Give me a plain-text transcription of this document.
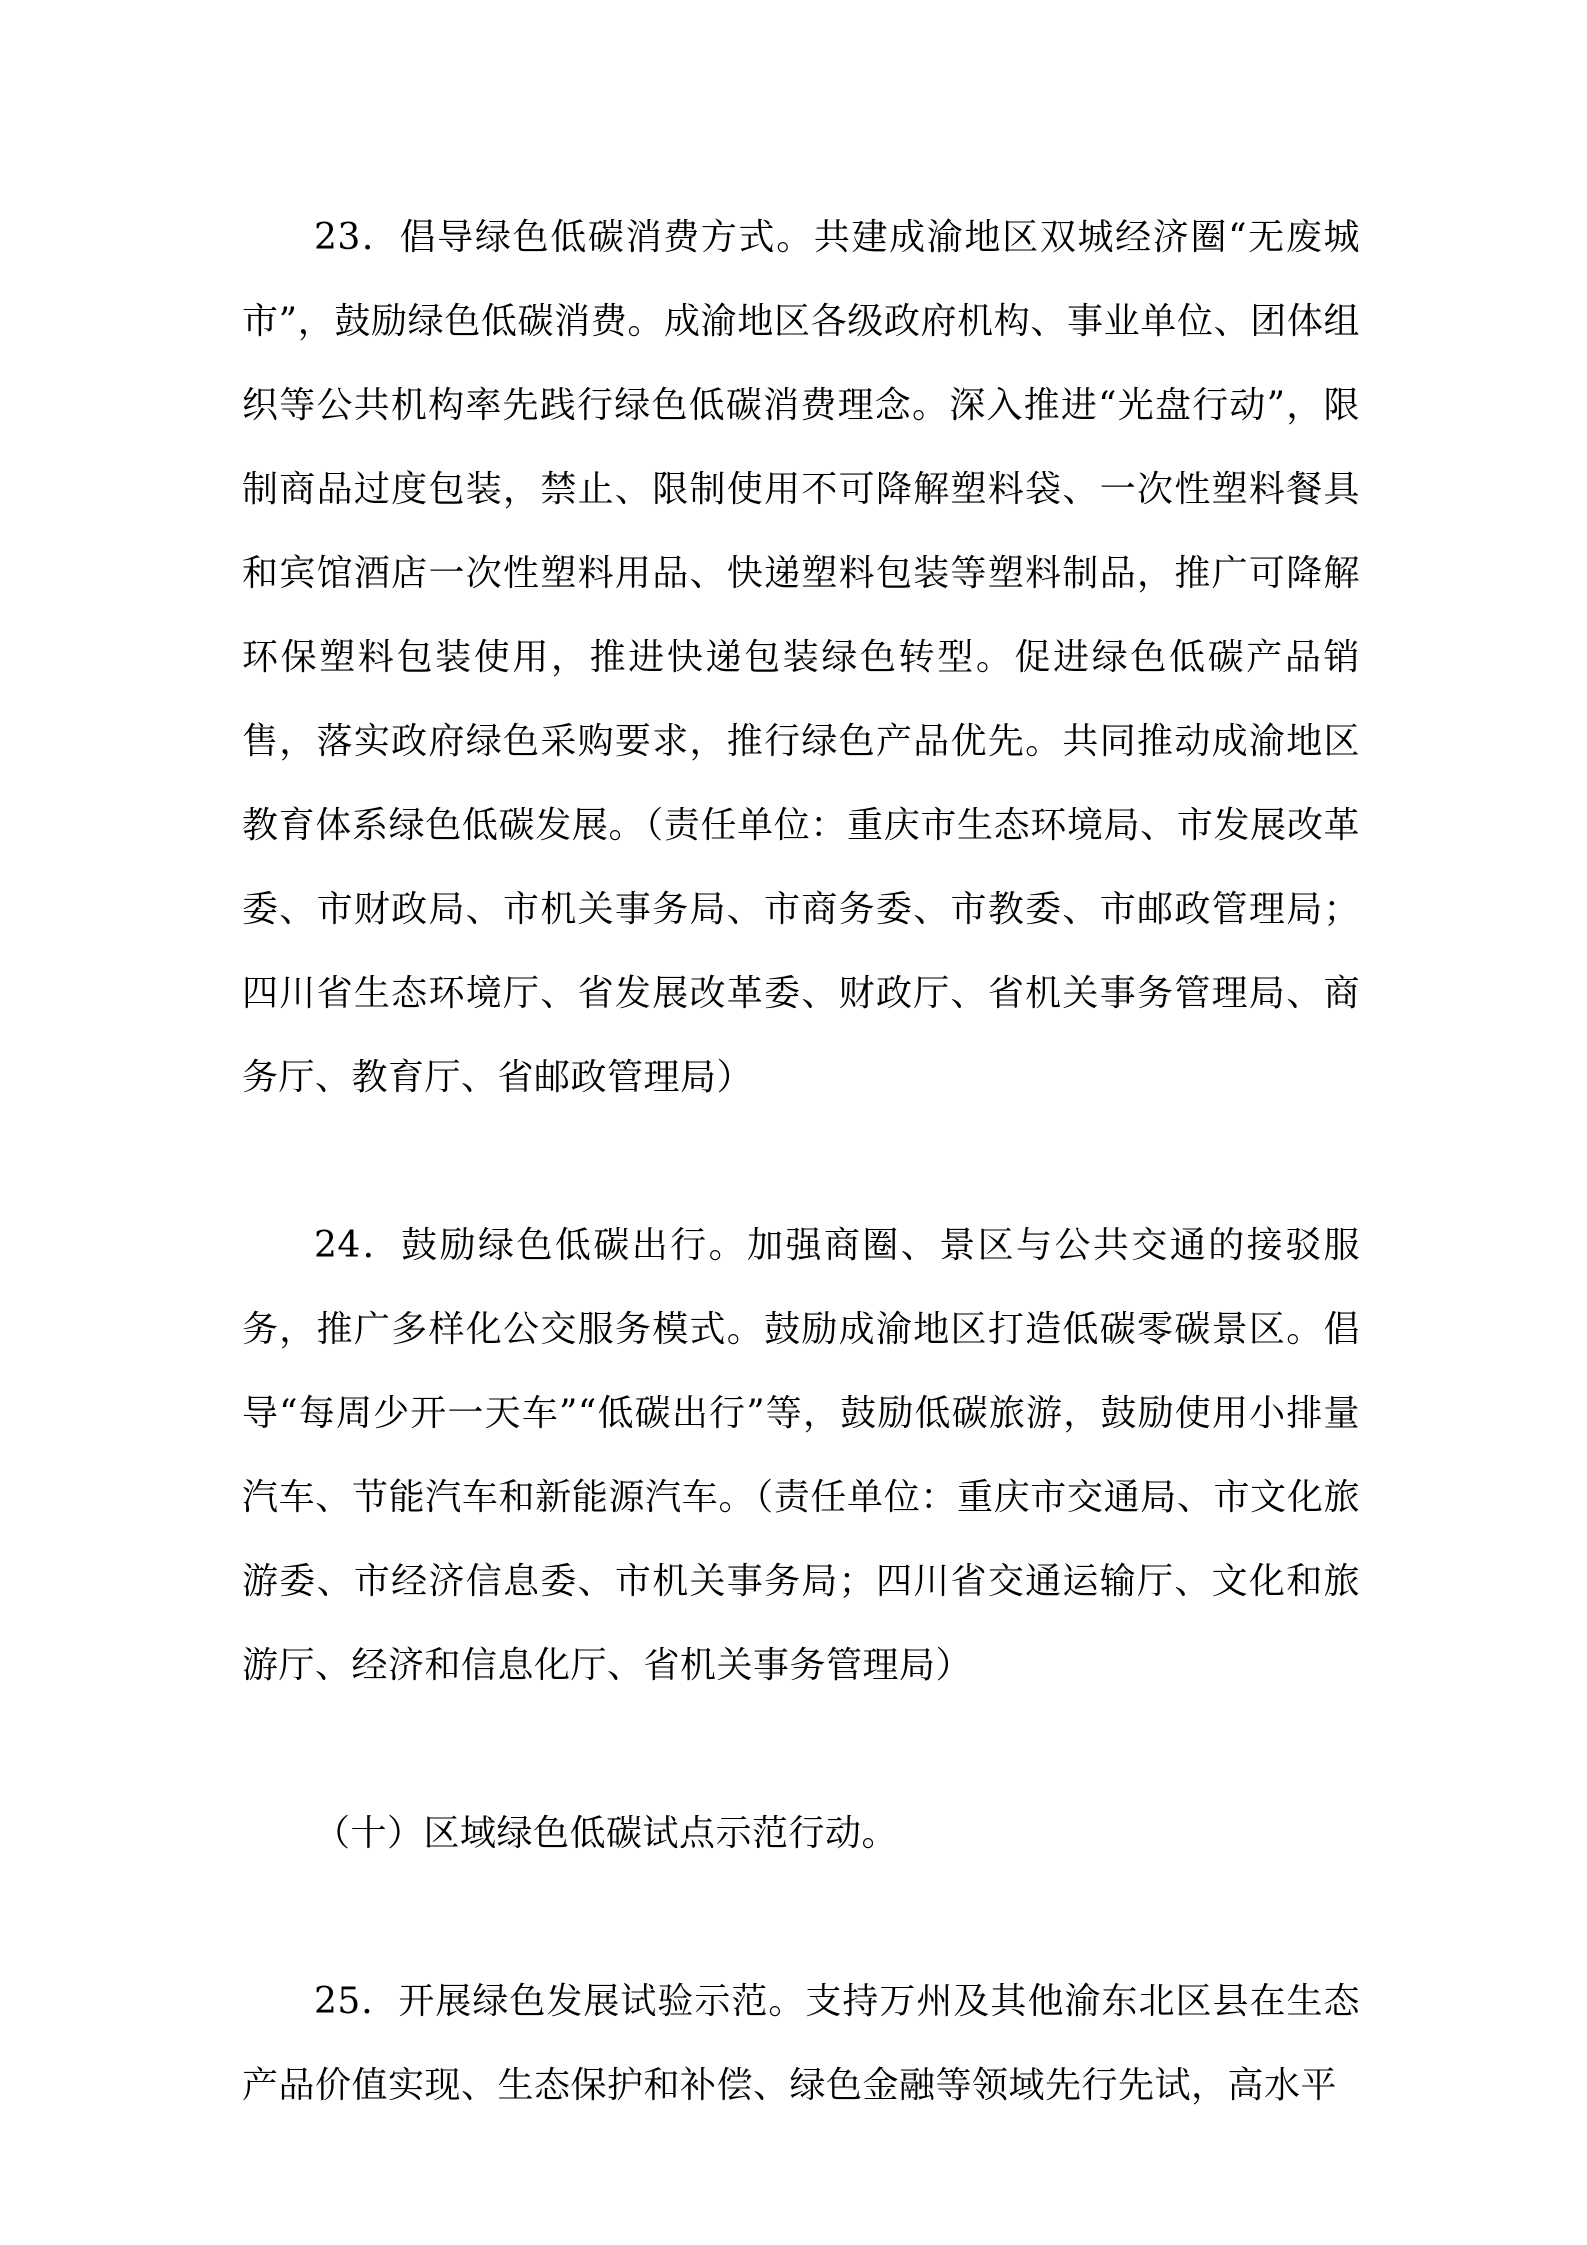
23．倡导绿色低碳消费方式。共建成渝地区双城经济圈“无废城市”，鼓励绿色低碳消费。成渝地区各级政府机构、事业单位、团体组织等公共机构率先践行绿色低碳消费理念。深入推进“光盘行动”，限制商品过度包装，禁止、限制使用不可降解塑料袋、一次性塑料餐具和宾馆酒店一次性塑料用品、快递塑料包装等塑料制品，推广可降解环保塑料包装使用，推进快递包装绿色转型。促进绿色低碳产品销售，落实政府绿色采购要求，推行绿色产品优先。共同推动成渝地区教育体系绿色低碳发展。（责任单位：重庆市生态环境局、市发展改革委、市财政局、市机关事务局、市商务委、市教委、市邮政管理局；四川省生态环境厅、省发展改革委、财政厅、省机关事务管理局、商务厅、教育厅、省邮政管理局）

24．鼓励绿色低碳出行。加强商圈、景区与公共交通的接驳服务，推广多样化公交服务模式。鼓励成渝地区打造低碳零碳景区。倡导“每周少开一天车”“低碳出行”等，鼓励低碳旅游，鼓励使用小排量汽车、节能汽车和新能源汽车。（责任单位：重庆市交通局、市文化旅游委、市经济信息委、市机关事务局；四川省交通运输厅、文化和旅游厅、经济和信息化厅、省机关事务管理局）

（十）区域绿色低碳试点示范行动。

25．开展绿色发展试验示范。支持万州及其他渝东北区县在生态产品价值实现、生态保护和补偿、绿色金融等领域先行先试，高水平
